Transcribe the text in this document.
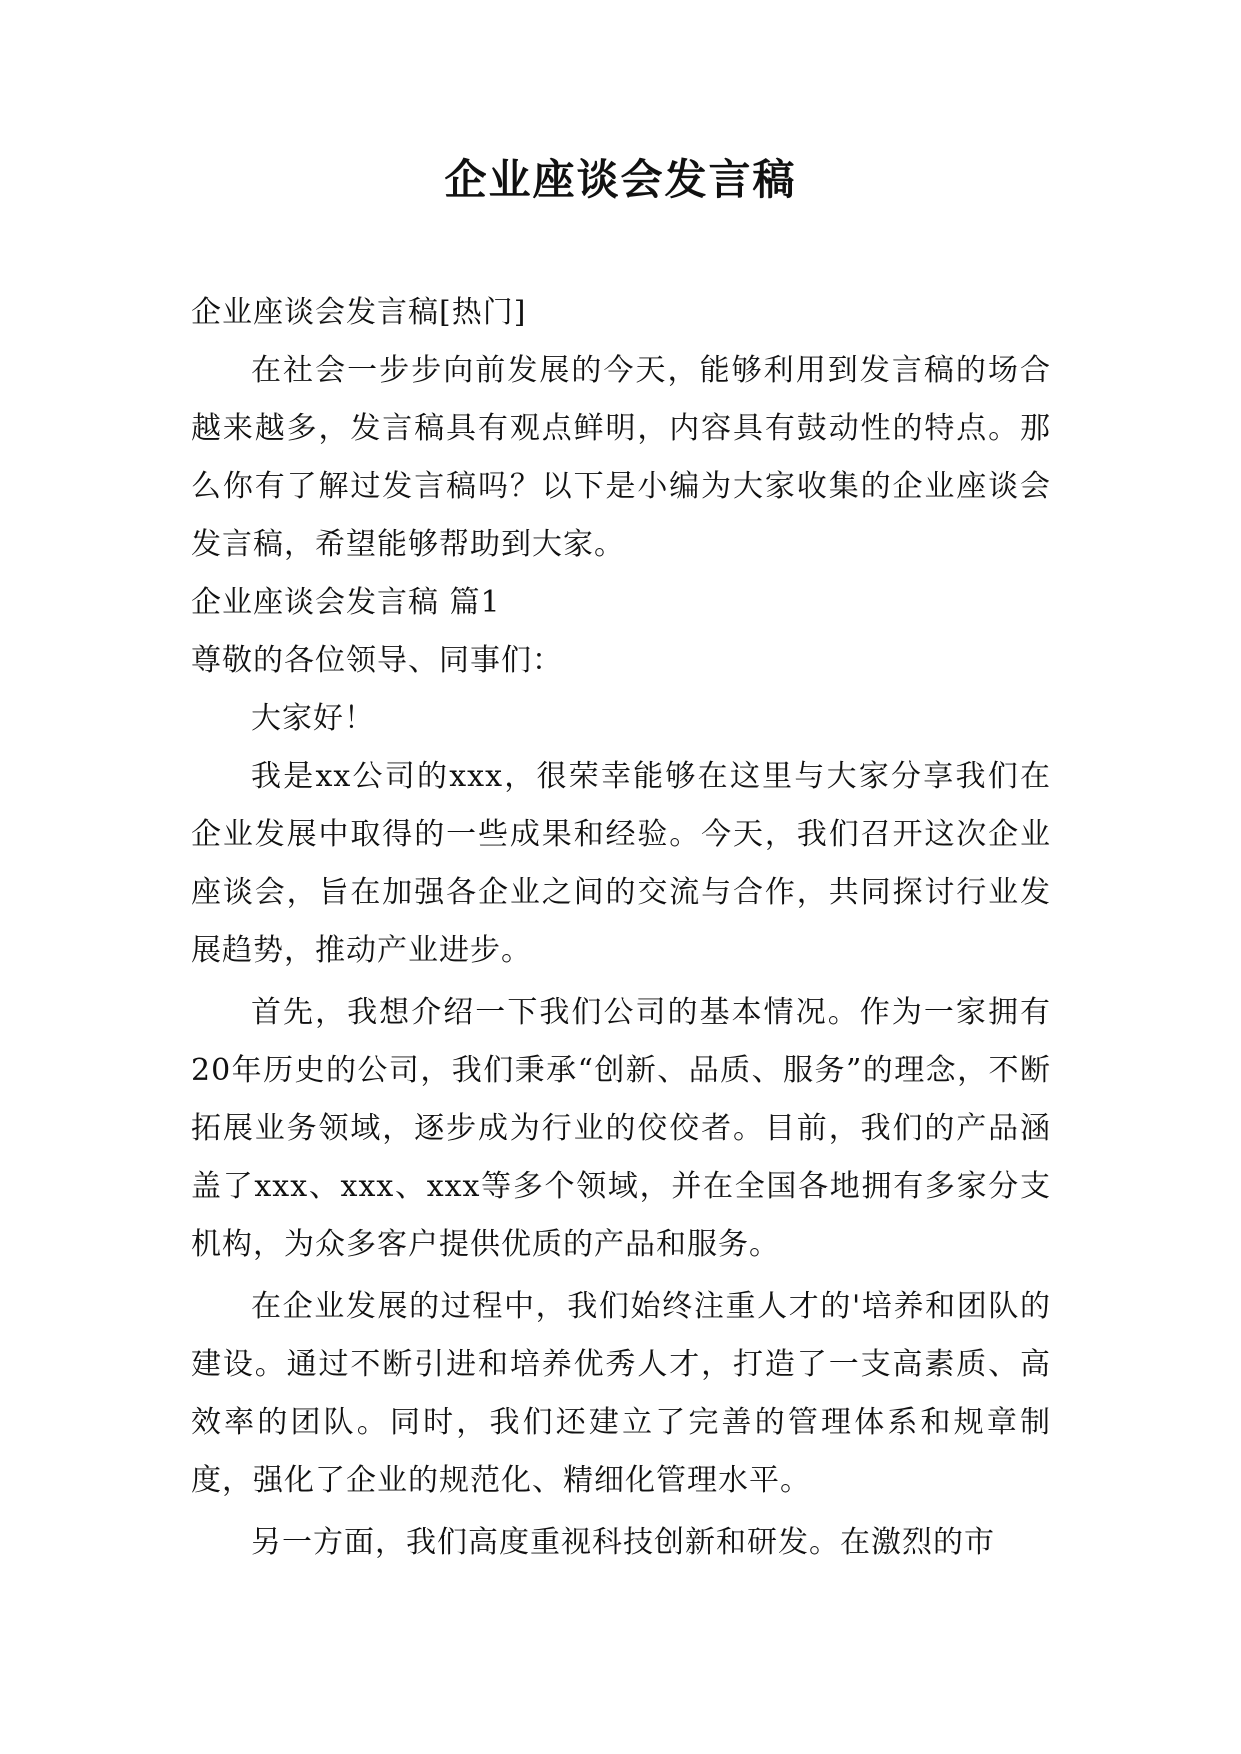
企业座谈会发言稿

企业座谈会发言稿[热门]

在社会一步步向前发展的今天，能够利用到发言稿的场合越来越多，发言稿具有观点鲜明，内容具有鼓动性的特点。那么你有了解过发言稿吗？以下是小编为大家收集的企业座谈会发言稿，希望能够帮助到大家。

企业座谈会发言稿 篇1

尊敬的各位领导、同事们：

大家好！

我是xx公司的xxx，很荣幸能够在这里与大家分享我们在企业发展中取得的一些成果和经验。今天，我们召开这次企业座谈会，旨在加强各企业之间的交流与合作，共同探讨行业发展趋势，推动产业进步。

首先，我想介绍一下我们公司的基本情况。作为一家拥有20年历史的公司，我们秉承“创新、品质、服务”的理念，不断拓展业务领域，逐步成为行业的佼佼者。目前，我们的产品涵盖了xxx、xxx、xxx等多个领域，并在全国各地拥有多家分支机构，为众多客户提供优质的产品和服务。

在企业发展的过程中，我们始终注重人才的'培养和团队的建设。通过不断引进和培养优秀人才，打造了一支高素质、高效率的团队。同时，我们还建立了完善的管理体系和规章制度，强化了企业的规范化、精细化管理水平。

另一方面，我们高度重视科技创新和研发。在激烈的市
